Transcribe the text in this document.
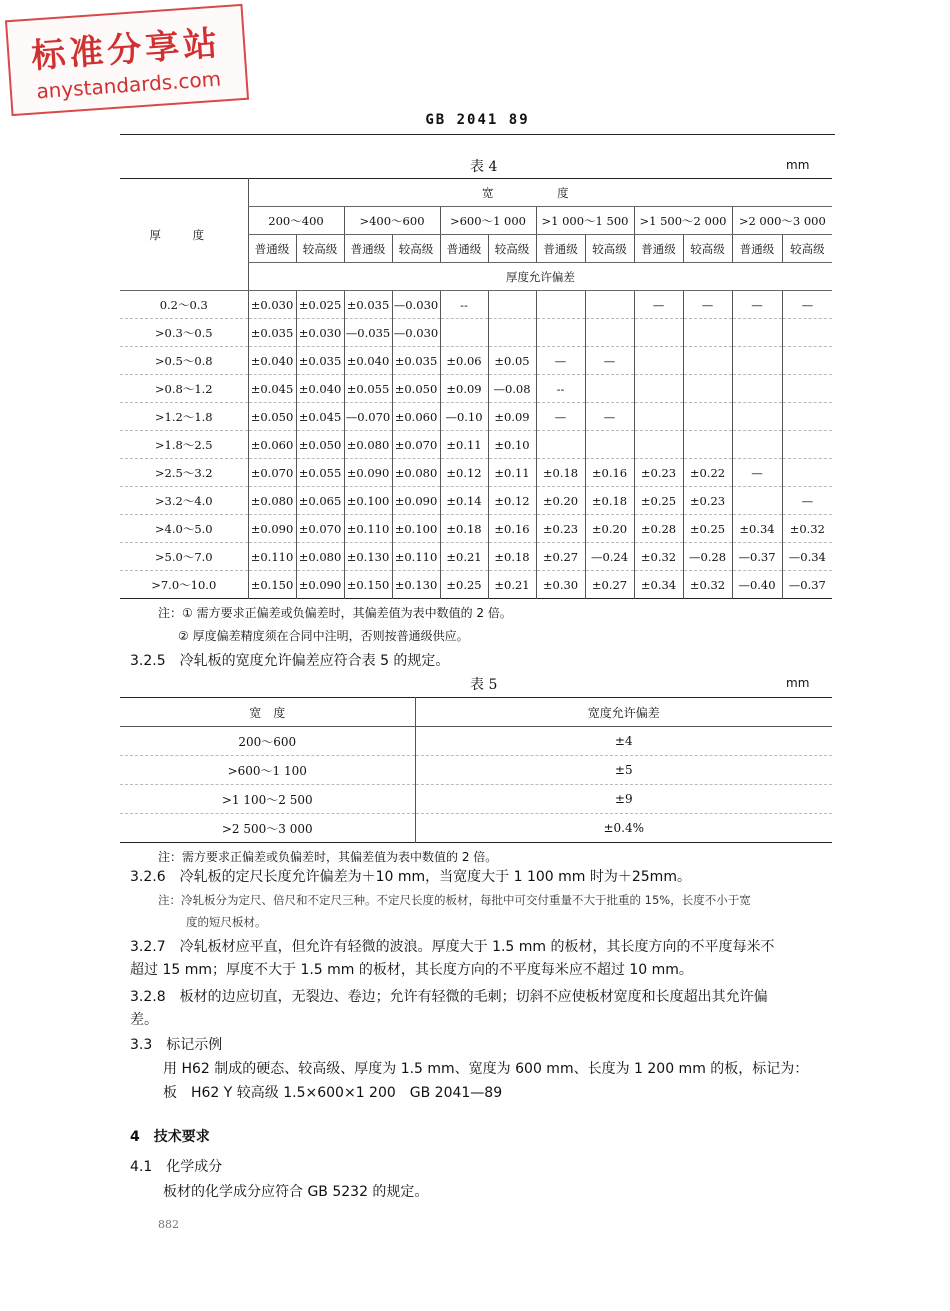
标准分享站
anystandards.com
GB 2041 89
表 4	mm
厚 度	宽 度											
	200～400		>400～600		>600～1 000		>1 000～1 500		>1 500～2 000		>2 000～3 000	
	普通级	较高级	普通级	较高级	普通级	较高级	普通级	较高级	普通级	较高级	普通级	较高级
	厚度允许偏差											
0.2～0.3	±0.030	±0.025	±0.035	—0.030	--				—	—	—	—
>0.3～0.5	±0.035	±0.030	—0.035	—0.030								
>0.5～0.8	±0.040	±0.035	±0.040	±0.035	±0.06	±0.05	—	—				
>0.8～1.2	±0.045	±0.040	±0.055	±0.050	±0.09	—0.08	--					
>1.2～1.8	±0.050	±0.045	—0.070	±0.060	—0.10	±0.09	—	—				
>1.8～2.5	±0.060	±0.050	±0.080	±0.070	±0.11	±0.10						
>2.5～3.2	±0.070	±0.055	±0.090	±0.080	±0.12	±0.11	±0.18	±0.16	±0.23	±0.22	—	
>3.2～4.0	±0.080	±0.065	±0.100	±0.090	±0.14	±0.12	±0.20	±0.18	±0.25	±0.23		—
>4.0～5.0	±0.090	±0.070	±0.110	±0.100	±0.18	±0.16	±0.23	±0.20	±0.28	±0.25	±0.34	±0.32
>5.0～7.0	±0.110	±0.080	±0.130	±0.110	±0.21	±0.18	±0.27	—0.24	±0.32	—0.28	—0.37	—0.34
>7.0～10.0	±0.150	±0.090	±0.150	±0.130	±0.25	±0.21	±0.30	±0.27	±0.34	±0.32	—0.40	—0.37
注：① 需方要求正偏差或负偏差时，其偏差值为表中数值的 2 倍。
② 厚度偏差精度须在合同中注明，否则按普通级供应。
3.2.5　冷轧板的宽度允许偏差应符合表 5 的规定。
表 5	mm
宽　度	宽度允许偏差
200～600	±4
>600～1 100	±5
>1 100～2 500	±9
>2 500～3 000	±0.4%
注：需方要求正偏差或负偏差时，其偏差值为表中数值的 2 倍。
3.2.6　冷轧板的定尺长度允许偏差为＋10 mm，当宽度大于 1 100 mm 时为＋25mm。
注：冷轧板分为定尺、倍尺和不定尺三种。不定尺长度的板材，每批中可交付重量不大于批重的 15%，长度不小于宽
度的短尺板材。
3.2.7　冷轧板材应平直，但允许有轻微的波浪。厚度大于 1.5 mm 的板材，其长度方向的不平度每米不
超过 15 mm；厚度不大于 1.5 mm 的板材，其长度方向的不平度每米应不超过 10 mm。
3.2.8　板材的边应切直，无裂边、卷边；允许有轻微的毛刺；切斜不应使板材宽度和长度超出其允许偏
差。
3.3　标记示例
用 H62 制成的硬态、较高级、厚度为 1.5 mm、宽度为 600 mm、长度为 1 200 mm 的板，标记为：
板　H62 Y 较高级 1.5×600×1 200　GB 2041—89
4　技术要求
4.1　化学成分
板材的化学成分应符合 GB 5232 的规定。
882
